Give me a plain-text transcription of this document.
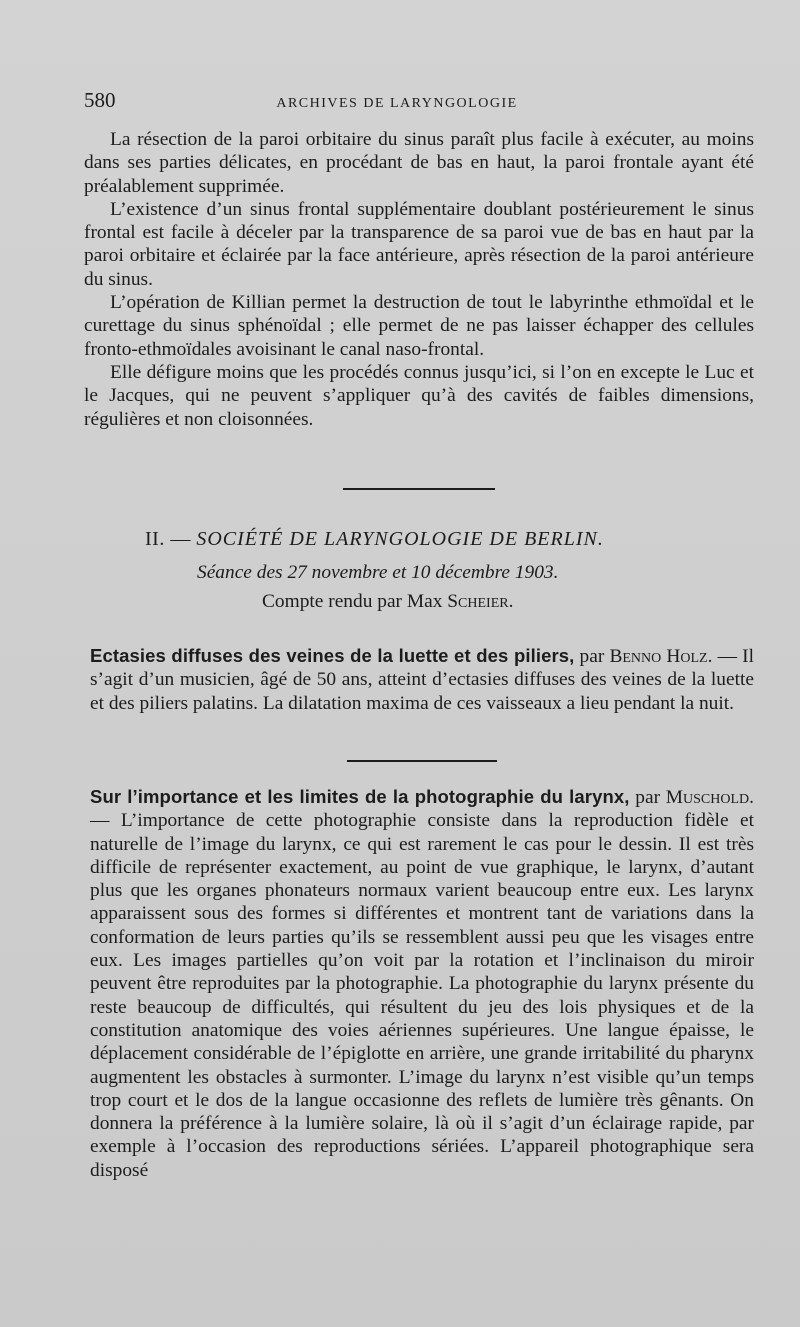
580	ARCHIVES DE LARYNGOLOGIE

La résection de la paroi orbitaire du sinus paraît plus facile à exécuter, au moins dans ses parties délicates, en procédant de bas en haut, la paroi frontale ayant été préalablement supprimée.

L’existence d’un sinus frontal supplémentaire doublant postérieurement le sinus frontal est facile à déceler par la transparence de sa paroi vue de bas en haut par la paroi orbitaire et éclairée par la face antérieure, après résection de la paroi antérieure du sinus.

L’opération de Killian permet la destruction de tout le labyrinthe ethmoïdal et le curettage du sinus sphénoïdal ; elle permet de ne pas laisser échapper des cellules fronto-ethmoïdales avoisinant le canal naso-frontal.

Elle défigure moins que les procédés connus jusqu’ici, si l’on en excepte le Luc et le Jacques, qui ne peuvent s’appliquer qu’à des cavités de faibles dimensions, régulières et non cloisonnées.

II. — SOCIÉTÉ DE LARYNGOLOGIE DE BERLIN.
Séance des 27 novembre et 10 décembre 1903.
Compte rendu par Max Scheier.

Ectasies diffuses des veines de la luette et des piliers, par Benno Holz. — Il s’agit d’un musicien, âgé de 50 ans, atteint d’ectasies diffuses des veines de la luette et des piliers palatins. La dilatation maxima de ces vaisseaux a lieu pendant la nuit.

Sur l’importance et les limites de la photographie du larynx, par Muschold. — L’importance de cette photographie consiste dans la reproduction fidèle et naturelle de l’image du larynx, ce qui est rarement le cas pour le dessin. Il est très difficile de représenter exactement, au point de vue graphique, le larynx, d’autant plus que les organes phonateurs normaux varient beaucoup entre eux. Les larynx apparaissent sous des formes si différentes et montrent tant de variations dans la conformation de leurs parties qu’ils se ressemblent aussi peu que les visages entre eux. Les images partielles qu’on voit par la rotation et l’inclinaison du miroir peuvent être reproduites par la photographie. La photographie du larynx présente du reste beaucoup de difficultés, qui résultent du jeu des lois physiques et de la constitution anatomique des voies aériennes supérieures. Une langue épaisse, le déplacement considérable de l’épiglotte en arrière, une grande irritabilité du pharynx augmentent les obstacles à surmonter. L’image du larynx n’est visible qu’un temps trop court et le dos de la langue occasionne des reflets de lumière très gênants. On donnera la préférence à la lumière solaire, là où il s’agit d’un éclairage rapide, par exemple à l’occasion des reproductions sériées. L’appareil photographique sera disposé
